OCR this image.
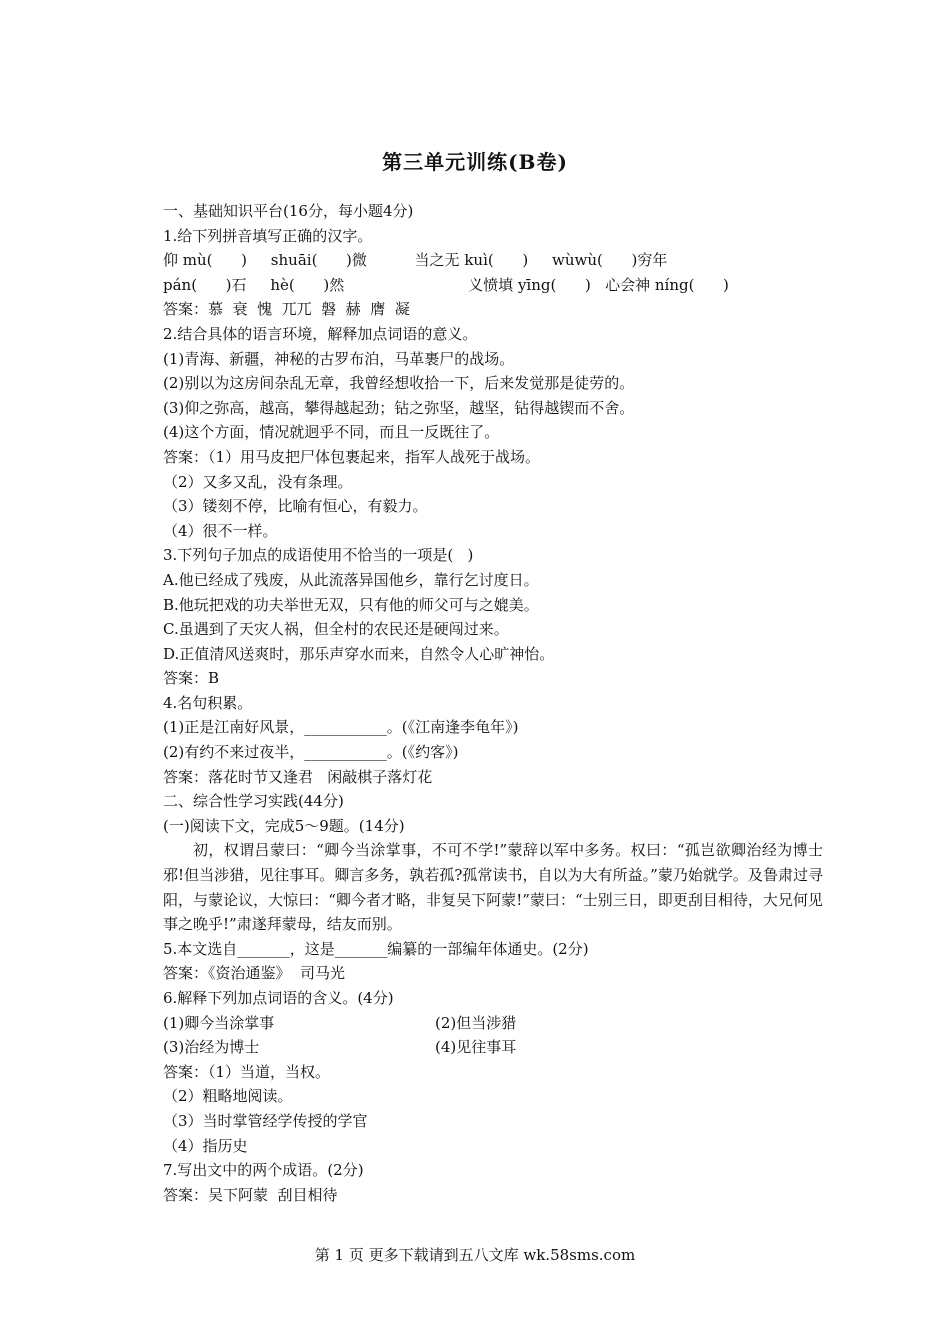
第三单元训练(B卷)
一、基础知识平台(16分，每小题4分)
1.给下列拼音填写正确的汉字。
仰 mù(      )     shuāi(      )微          当之无 kuì(      )     wùwù(      )穷年
pán(      )石     hè(      )然                          义愤填 yīng(      )   心会神 níng(      )
答案：慕  衰  愧  兀兀  磐  赫  膺  凝
2.结合具体的语言环境，解释加点词语的意义。
(1)青海、新疆，神秘的古罗布泊，马革裹尸的战场。
(2)别以为这房间杂乱无章，我曾经想收拾一下，后来发觉那是徒劳的。
(3)仰之弥高，越高，攀得越起劲；钻之弥坚，越坚，钻得越锲而不舍。
(4)这个方面，情况就迥乎不同，而且一反既往了。
答案：（1）用马皮把尸体包裹起来，指军人战死于战场。
（2）又多又乱，没有条理。
（3）镂刻不停，比喻有恒心，有毅力。
（4）很不一样。
3.下列句子加点的成语使用不恰当的一项是(   )
A.他已经成了残废，从此流落异国他乡，靠行乞讨度日。
B.他玩把戏的功夫举世无双，只有他的师父可与之媲美。
C.虽遇到了天灾人祸，但全村的农民还是硬闯过来。
D.正值清风送爽时，那乐声穿水而来，自然令人心旷神怡。
答案：B
4.名句积累。
(1)正是江南好风景，___________。(《江南逢李龟年》)
(2)有约不来过夜半，___________。(《约客》)
答案：落花时节又逢君   闲敲棋子落灯花
二、综合性学习实践(44分)
(一)阅读下文，完成5～9题。(14分)
初，权谓吕蒙曰：“卿今当涂掌事，不可不学!”蒙辞以军中多务。权曰：“孤岂欲卿治经为博士邪!但当涉猎，见往事耳。卿言多务，孰若孤?孤常读书，自以为大有所益。”蒙乃始就学。及鲁肃过寻阳，与蒙论议，大惊曰：“卿今者才略，非复吴下阿蒙!”蒙曰：“士别三日，即更刮目相待，大兄何见事之晚乎!”肃遂拜蒙母，结友而别。
5.本文选自_______，这是_______编纂的一部编年体通史。(2分)
答案：《资治通鉴》  司马光
6.解释下列加点词语的含义。(4分)
(1)卿今当涂掌事	(2)但当涉猎
(3)治经为博士	(4)见往事耳
答案：（1）当道，当权。
（2）粗略地阅读。
（3）当时掌管经学传授的学官
（4）指历史
7.写出文中的两个成语。(2分)
答案：吴下阿蒙  刮目相待
第 1 页 更多下载请到五八文库 wk.58sms.com
